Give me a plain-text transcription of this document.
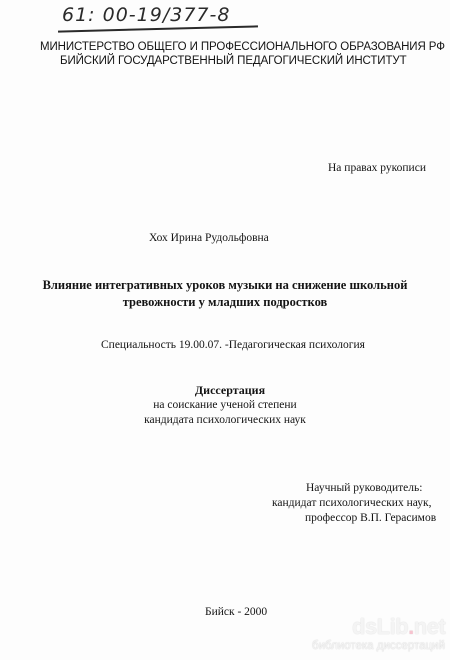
61: 00-19/377-8
МИНИСТЕРСТВО ОБЩЕГО И ПРОФЕССИОНАЛЬНОГО ОБРАЗОВАНИЯ РФ
БИЙСКИЙ ГОСУДАРСТВЕННЫЙ ПЕДАГОГИЧЕСКИЙ ИНСТИТУТ
На правах рукописи
Хох Ирина Рудольфовна
Влияние интегративных уроков музыки на снижение школьной
тревожности у младших подростков
Специальность 19.00.07. -Педагогическая психология
Диссертация
на соискание ученой степени
кандидата психологических наук
Научный руководитель:
кандидат психологических наук,
профессор В.П. Герасимов
Бийск - 2000
dsLib.net
библиотека диссертаций
